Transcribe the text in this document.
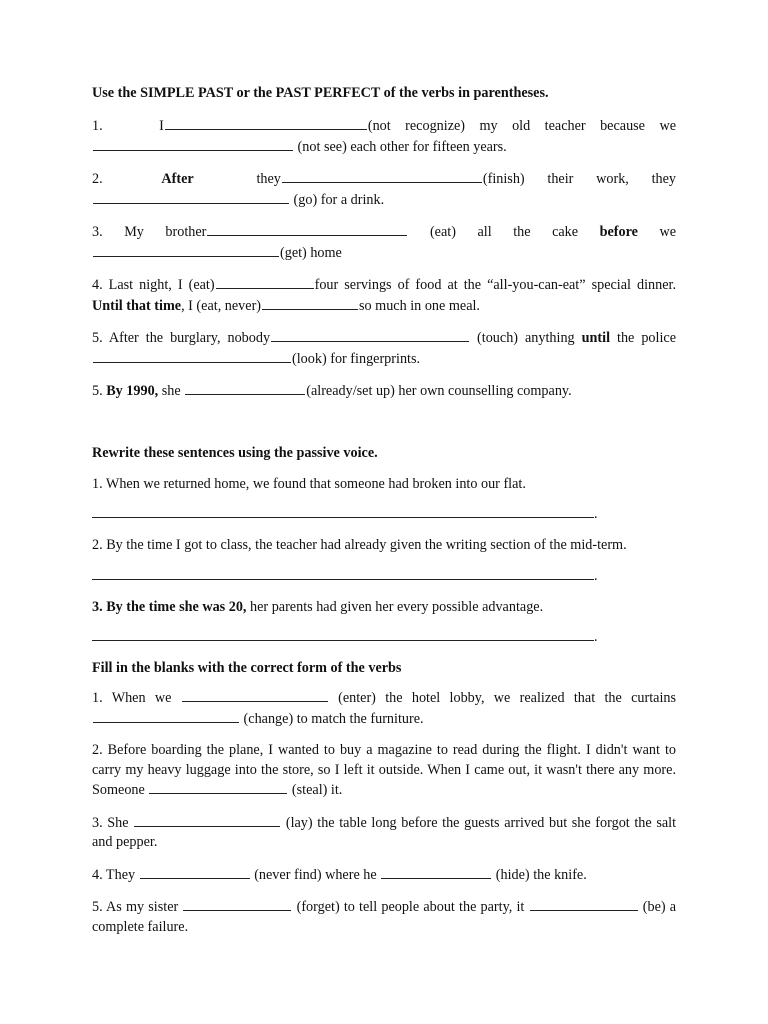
Use the SIMPLE PAST or the PAST PERFECT of the verbs in parentheses.

1.	I	(not recognize) my old teacher because we (not see) each other for fifteen years.

2.	After	they	(finish) their work, they (go) for a drink.

3. My brother	(eat) all the cake before we(get) home

4. Last night, I (eat)	four servings of food at the “all-you-can-eat” special dinner. Until that time, I (eat, never)	so much in one meal.

5. After the burglary, nobody	(touch) anything until the police(look) for fingerprints.

5. By 1990, she	(already/set up) her own counselling company.

Rewrite these sentences using the passive voice.

1. When we returned home, we found that someone had broken into our flat.

.

2. By the time I got to class, the teacher had already given the writing section of the mid-term.

.

3. By the time she was 20, her parents had given her every possible advantage.

.

Fill in the blanks with the correct form of the verbs

1. When we	(enter) the hotel lobby, we realized that the curtains  (change) to match the furniture.

2. Before boarding the plane, I wanted to buy a magazine to read during the flight. I didn't want to carry my heavy luggage into the store, so I left it outside. When I came out, it wasn't there any more. Someone	(steal) it.

3. She	(lay) the table long before the guests arrived but she forgot the salt and pepper.

4. They	(never find) where he	(hide) the knife.

5. As my sister	(forget) to tell people about the party, it	(be) a complete failure.
